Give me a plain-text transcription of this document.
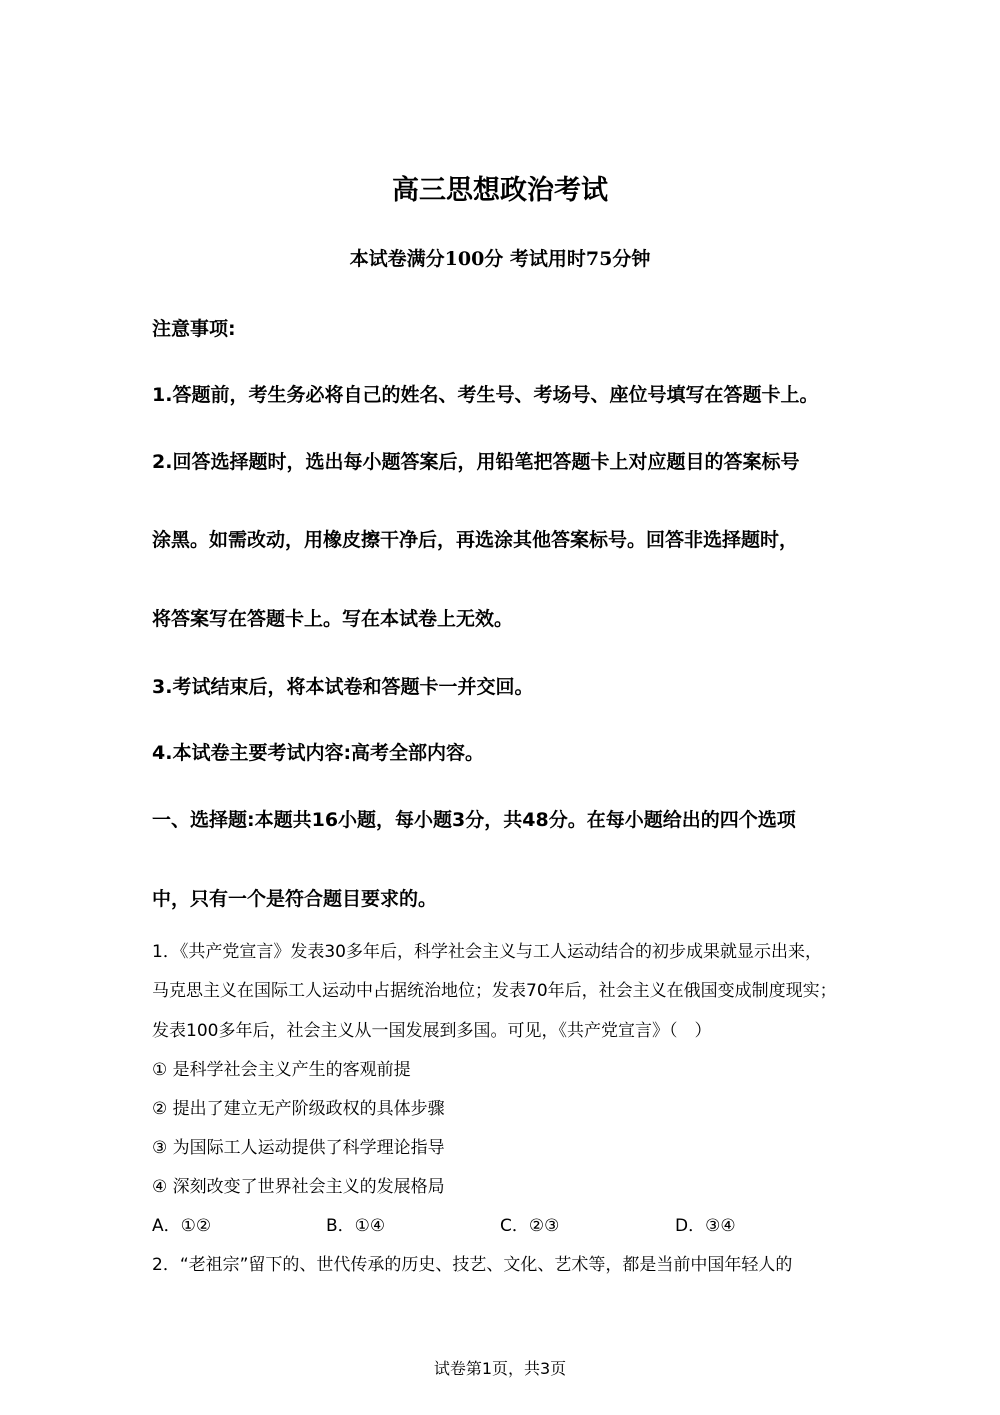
高三思想政治考试
本试卷满分100分 考试用时75分钟
注意事项:
1.答题前，考生务必将自己的姓名、考生号、考场号、座位号填写在答题卡上。
2.回答选择题时，选出每小题答案后，用铅笔把答题卡上对应题目的答案标号
涂黑。如需改动，用橡皮擦干净后，再选涂其他答案标号。回答非选择题时，
将答案写在答题卡上。写在本试卷上无效。
3.考试结束后，将本试卷和答题卡一并交回。
4.本试卷主要考试内容:高考全部内容。
一、选择题:本题共16小题，每小题3分，共48分。在每小题给出的四个选项
中，只有一个是符合题目要求的。
1．《共产党宣言》发表30多年后，科学社会主义与工人运动结合的初步成果就显示出来，
马克思主义在国际工人运动中占据统治地位；发表70年后，社会主义在俄国变成制度现实；
发表100多年后，社会主义从一国发展到多国。可见，《共产党宣言》（　）
① 是科学社会主义产生的客观前提
② 提出了建立无产阶级政权的具体步骤
③ 为国际工人运动提供了科学理论指导
④ 深刻改变了世界社会主义的发展格局
A．①②	B．①④	C．②③	D．③④
2．“老祖宗”留下的、世代传承的历史、技艺、文化、艺术等，都是当前中国年轻人的
试卷第1页，共3页
